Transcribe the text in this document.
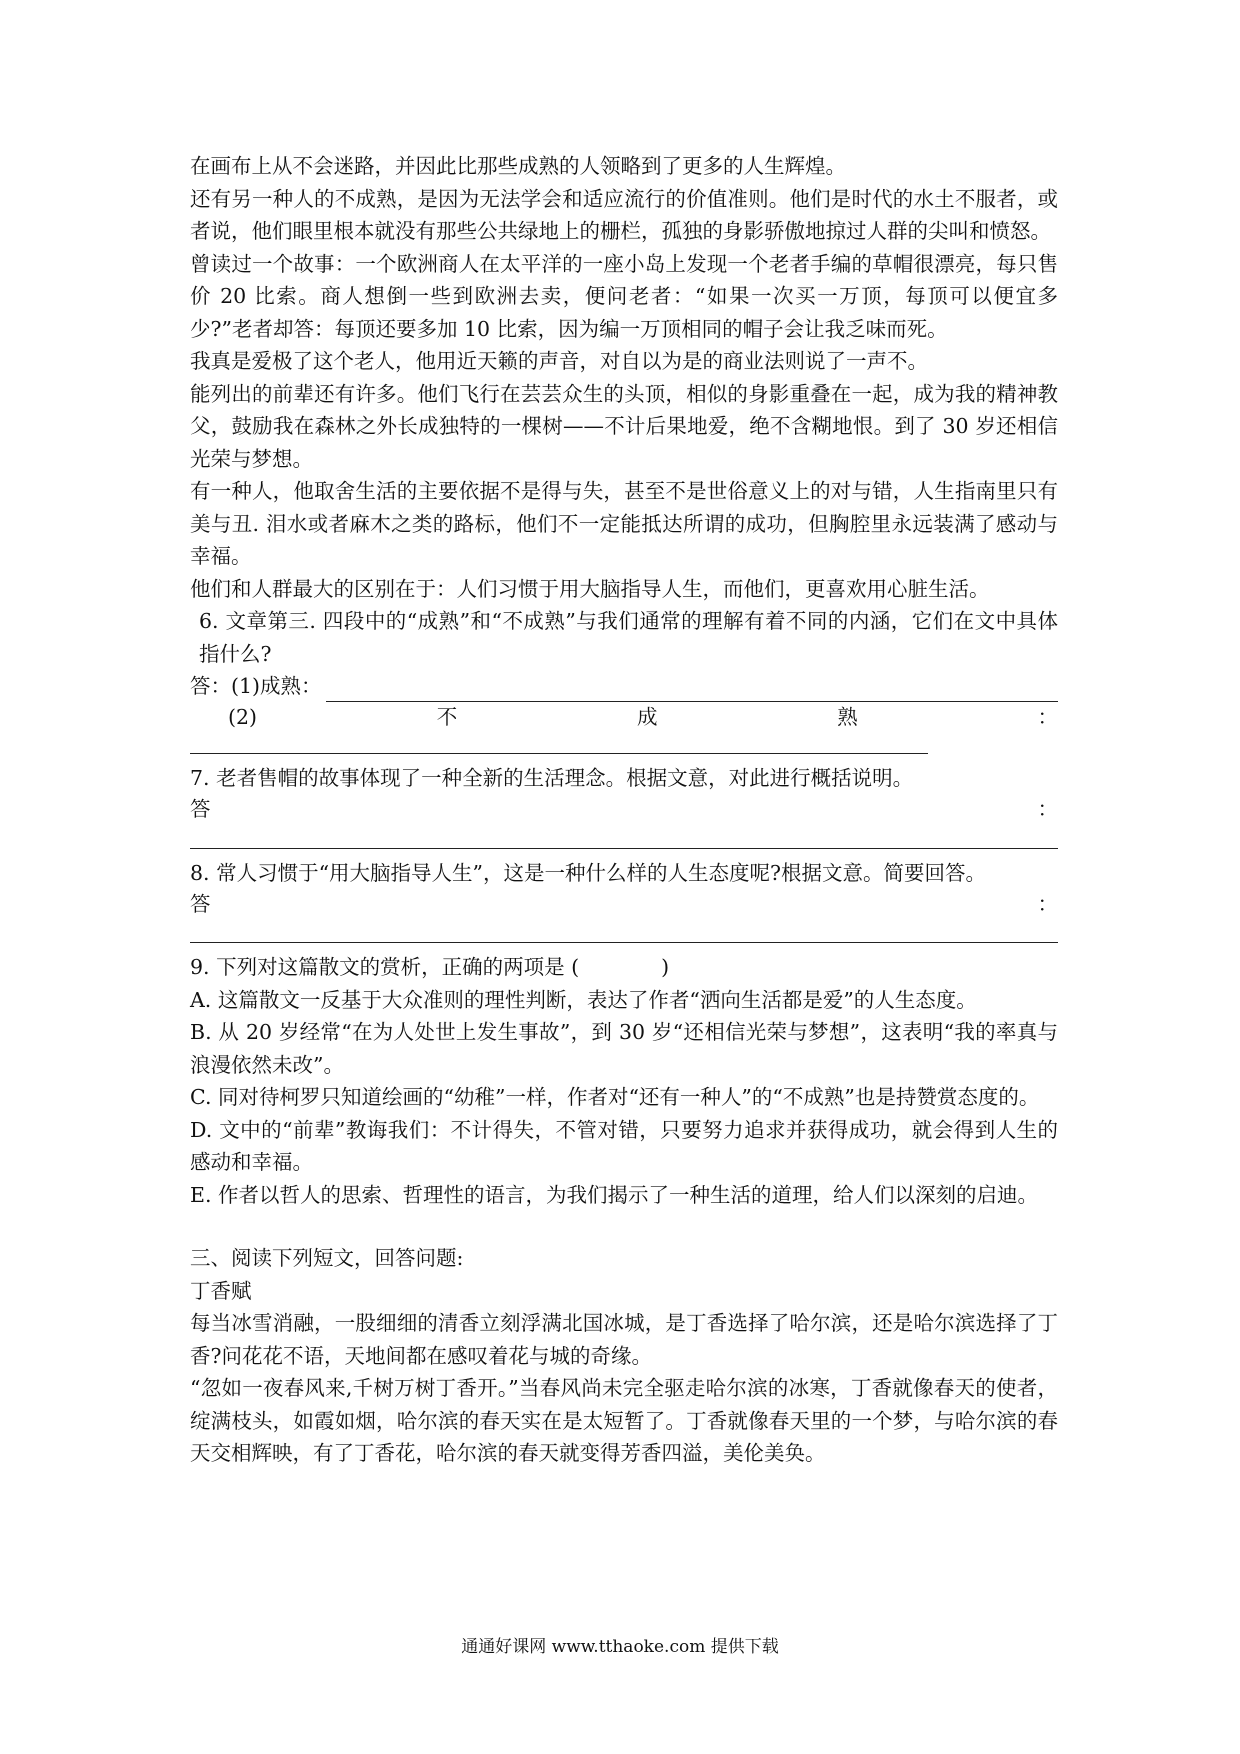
在画布上从不会迷路，并因此比那些成熟的人领略到了更多的人生辉煌。

还有另一种人的不成熟，是因为无法学会和适应流行的价值准则。他们是时代的水土不服者，或者说，他们眼里根本就没有那些公共绿地上的栅栏，孤独的身影骄傲地掠过人群的尖叫和愤怒。

曾读过一个故事：一个欧洲商人在太平洋的一座小岛上发现一个老者手编的草帽很漂亮，每只售价 20 比索。商人想倒一些到欧洲去卖，便问老者：“如果一次买一万顶，每顶可以便宜多少?”老者却答：每顶还要多加 10 比索，因为编一万顶相同的帽子会让我乏味而死。

我真是爱极了这个老人，他用近天籁的声音，对自以为是的商业法则说了一声不。

能列出的前辈还有许多。他们飞行在芸芸众生的头顶，相似的身影重叠在一起，成为我的精神教父，鼓励我在森林之外长成独特的一棵树——不计后果地爱，绝不含糊地恨。到了 30 岁还相信光荣与梦想。

有一种人，他取舍生活的主要依据不是得与失，甚至不是世俗意义上的对与错，人生指南里只有美与丑. 泪水或者麻木之类的路标，他们不一定能抵达所谓的成功，但胸腔里永远装满了感动与幸福。

他们和人群最大的区别在于：人们习惯于用大脑指导人生，而他们，更喜欢用心脏生活。

6. 文章第三. 四段中的“成熟”和“不成熟”与我们通常的理解有着不同的内涵，它们在文中具体指什么?

答：(1)成熟：
(2)	不	成	熟	：

7. 老者售帽的故事体现了一种全新的生活理念。根据文意，对此进行概括说明。

答	：

8. 常人习惯于“用大脑指导人生”，这是一种什么样的人生态度呢?根据文意。简要回答。

答	：

9. 下列对这篇散文的赏析，正确的两项是 (	)

A. 这篇散文一反基于大众准则的理性判断，表达了作者“洒向生活都是爱”的人生态度。

B. 从 20 岁经常“在为人处世上发生事故”，到 30 岁“还相信光荣与梦想”，这表明“我的率真与浪漫依然未改”。

C. 同对待柯罗只知道绘画的“幼稚”一样，作者对“还有一种人”的“不成熟”也是持赞赏态度的。

D. 文中的“前辈”教诲我们：不计得失，不管对错，只要努力追求并获得成功，就会得到人生的感动和幸福。

E. 作者以哲人的思索、哲理性的语言，为我们揭示了一种生活的道理，给人们以深刻的启迪。

三、阅读下列短文，回答问题:

丁香赋

每当冰雪消融，一股细细的清香立刻浮满北国冰城，是丁香选择了哈尔滨，还是哈尔滨选择了丁香?问花花不语，天地间都在感叹着花与城的奇缘。

“忽如一夜春风来,千树万树丁香开。”当春风尚未完全驱走哈尔滨的冰寒，丁香就像春天的使者，绽满枝头，如霞如烟，哈尔滨的春天实在是太短暂了。丁香就像春天里的一个梦，与哈尔滨的春天交相辉映，有了丁香花，哈尔滨的春天就变得芳香四溢，美伦美奂。

通通好课网 www.tthaoke.com 提供下载
